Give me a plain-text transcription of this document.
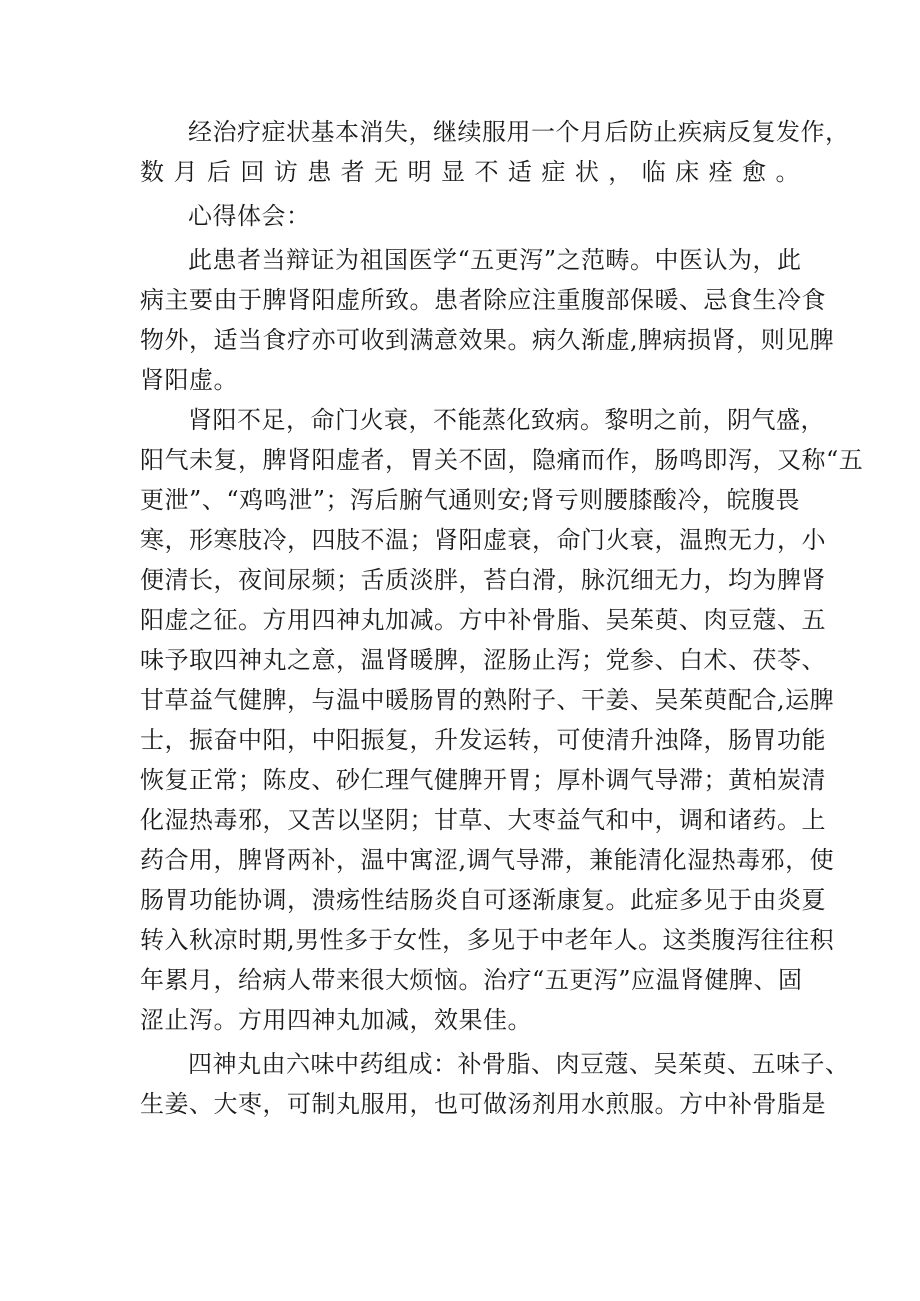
经治疗症状基本消失，继续服用一个月后防止疾病反复发作，
数月后回访患者无明显不适症状，临床痊愈。
心得体会：
此患者当辩证为祖国医学“五更泻”之范畴。中医认为，此
病主要由于脾肾阳虚所致。患者除应注重腹部保暖、忌食生冷食
物外，适当食疗亦可收到满意效果。病久渐虚,脾病损肾，则见脾
肾阳虚。
肾阳不足，命门火衰，不能蒸化致病。黎明之前，阴气盛，
阳气未复，脾肾阳虚者，胃关不固，隐痛而作，肠鸣即泻，又称“五
更泄”、“鸡鸣泄”；泻后腑气通则安;肾亏则腰膝酸冷，皖腹畏
寒，形寒肢冷，四肢不温；肾阳虚衰，命门火衰，温煦无力，小
便清长，夜间尿频；舌质淡胖，苔白滑，脉沉细无力，均为脾肾
阳虚之征。方用四神丸加减。方中补骨脂、吴茱萸、肉豆蔻、五
味予取四神丸之意，温肾暖脾，涩肠止泻；党参、白术、茯苓、
甘草益气健脾，与温中暖肠胃的熟附子、干姜、吴茱萸配合,运脾
士，振奋中阳，中阳振复，升发运转，可使清升浊降，肠胃功能
恢复正常；陈皮、砂仁理气健脾开胃；厚朴调气导滞；黄柏炭清
化湿热毒邪，又苦以坚阴；甘草、大枣益气和中，调和诸药。上
药合用，脾肾两补，温中寓涩,调气导滞，兼能清化湿热毒邪，使
肠胃功能协调，溃疡性结肠炎自可逐渐康复。此症多见于由炎夏
转入秋凉时期,男性多于女性，多见于中老年人。这类腹泻往往积
年累月，给病人带来很大烦恼。治疗“五更泻”应温肾健脾、固
涩止泻。方用四神丸加减，效果佳。
四神丸由六味中药组成：补骨脂、肉豆蔻、吴茱萸、五味子、
生姜、大枣，可制丸服用，也可做汤剂用水煎服。方中补骨脂是
